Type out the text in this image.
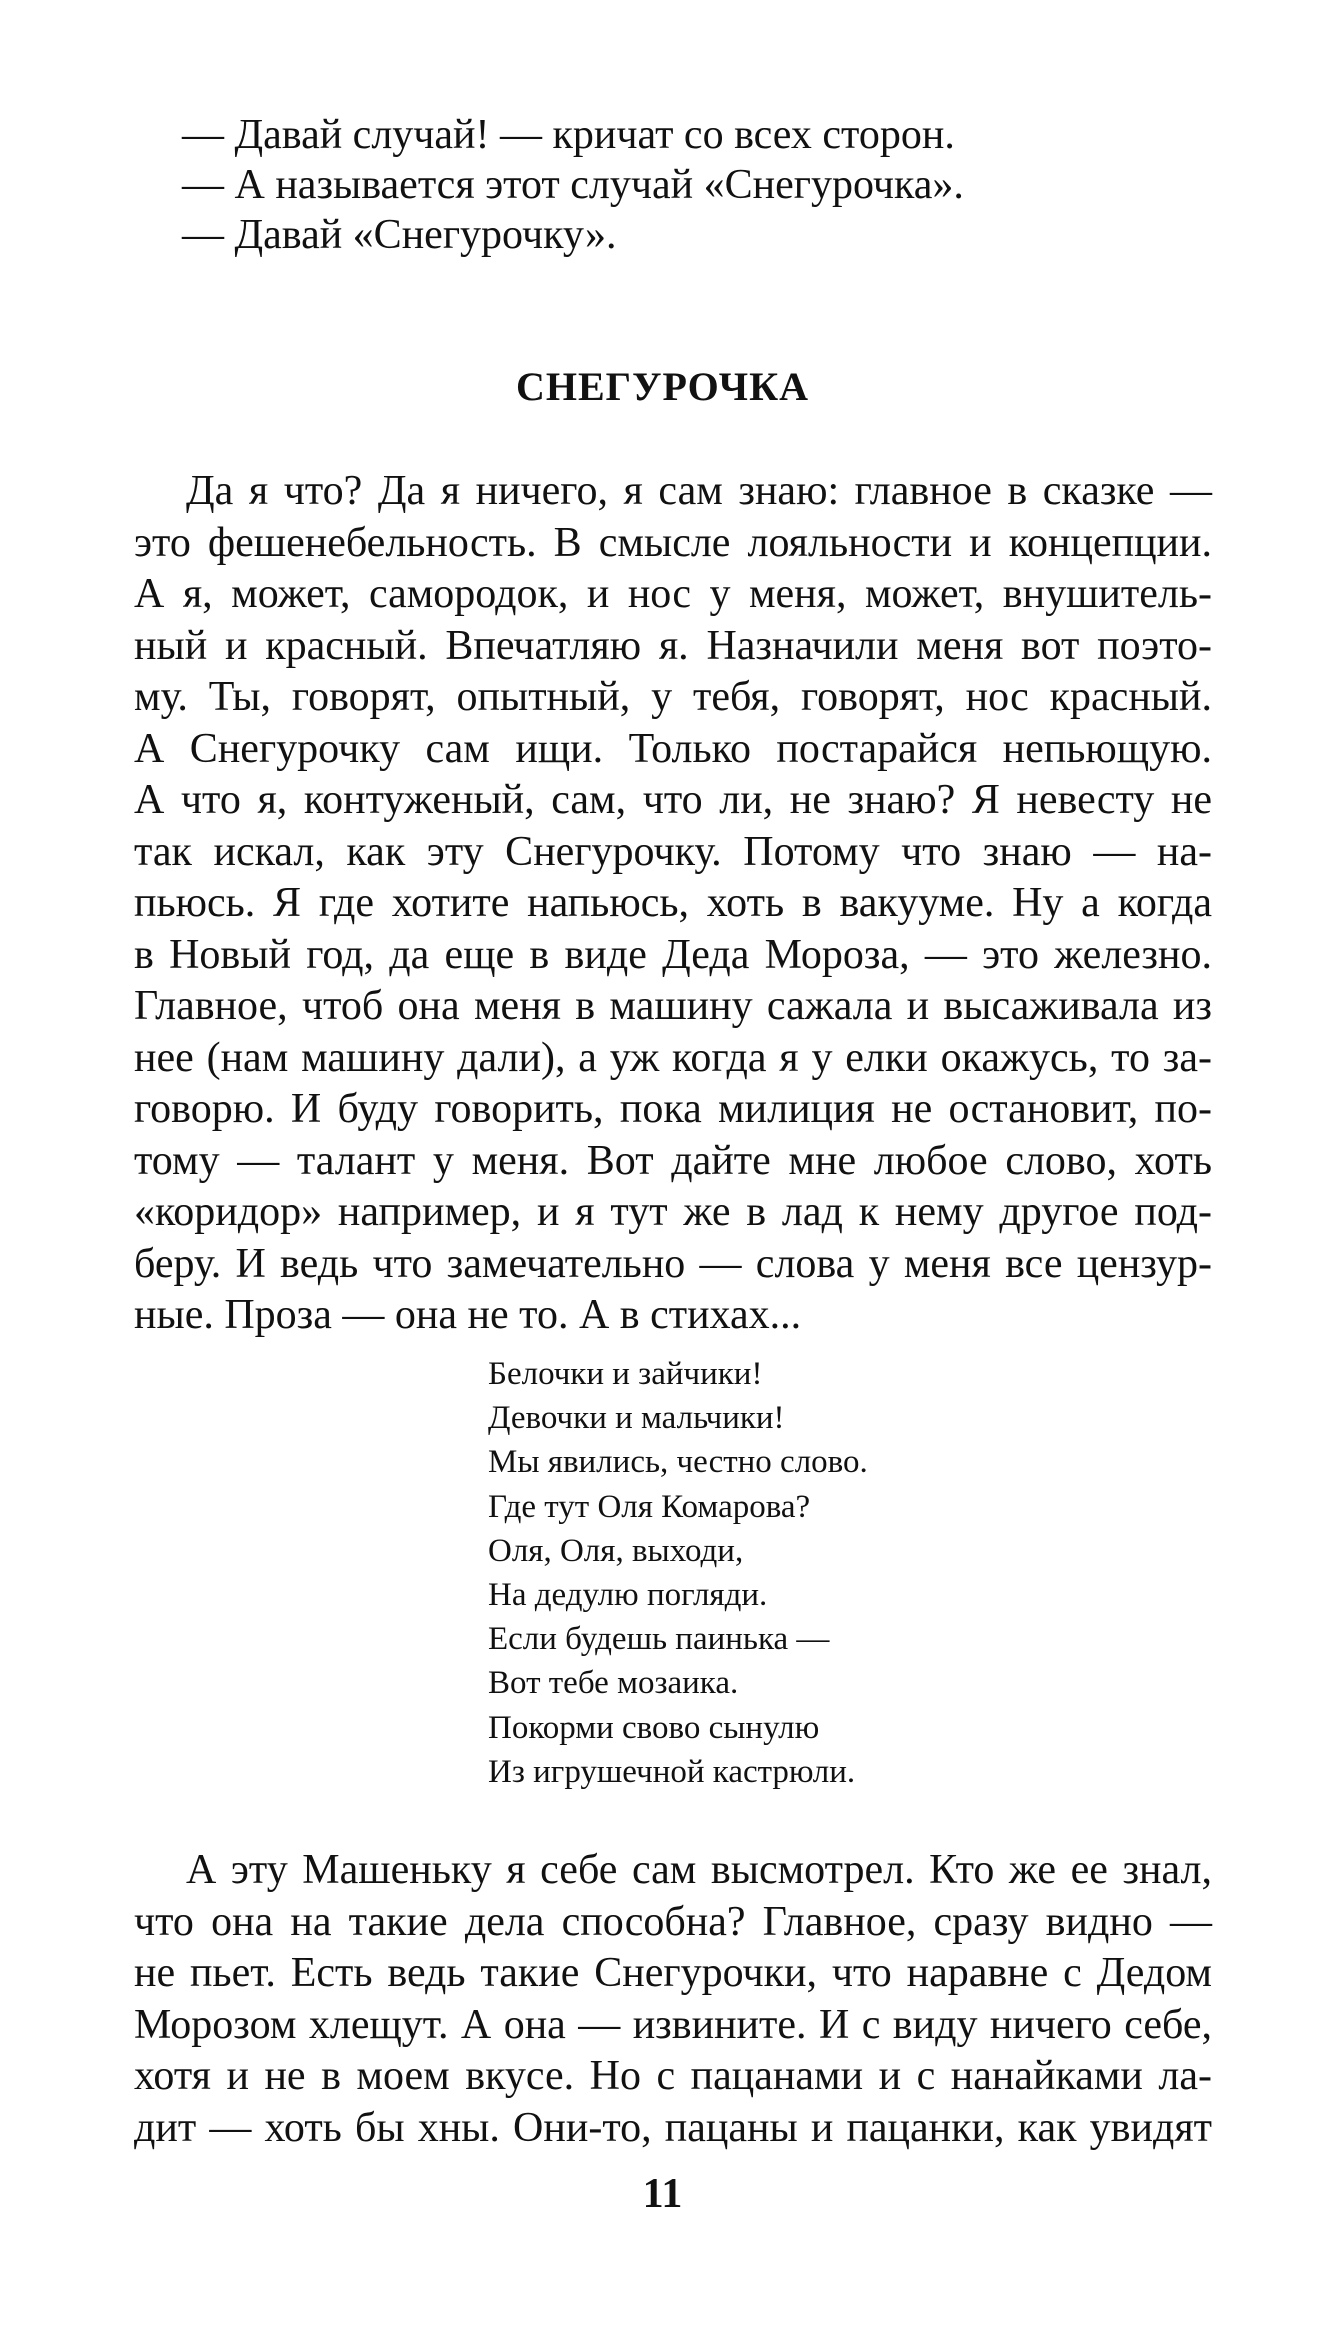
— Давай случай! — кричат со всех сторон.
— А называется этот случай «Снегурочка».
— Давай «Снегурочку».
СНЕГУРОЧКА
Да я что? Да я ничего, я сам знаю: главное в сказке —
это фешенебельность. В смысле лояльности и концепции.
А я, может, самородок, и нос у меня, может, внушитель-
ный и красный. Впечатляю я. Назначили меня вот поэто-
му. Ты, говорят, опытный, у тебя, говорят, нос красный.
А Снегурочку сам ищи. Только постарайся непьющую.
А что я, контуженый, сам, что ли, не знаю? Я невесту не
так искал, как эту Снегурочку. Потому что знаю — на-
пьюсь. Я где хотите напьюсь, хоть в вакууме. Ну а когда
в Новый год, да еще в виде Деда Мороза, — это железно.
Главное, чтоб она меня в машину сажала и высаживала из
нее (нам машину дали), а уж когда я у елки окажусь, то за-
говорю. И буду говорить, пока милиция не остановит, по-
тому — талант у меня. Вот дайте мне любое слово, хоть
«коридор» например, и я тут же в лад к нему другое под-
беру. И ведь что замечательно — слова у меня все цензур-
ные. Проза — она не то. А в стихах...
Белочки и зайчики!
Девочки и мальчики!
Мы явились, честно слово.
Где тут Оля Комарова?
Оля, Оля, выходи,
На дедулю погляди.
Если будешь паинька —
Вот тебе мозаика.
Покорми свово сынулю
Из игрушечной кастрюли.
А эту Машеньку я себе сам высмотрел. Кто же ее знал,
что она на такие дела способна? Главное, сразу видно —
не пьет. Есть ведь такие Снегурочки, что наравне с Дедом
Морозом хлещут. А она — извините. И с виду ничего себе,
хотя и не в моем вкусе. Но с пацанами и с нанайками ла-
дит — хоть бы хны. Они-то, пацаны и пацанки, как увидят
11
